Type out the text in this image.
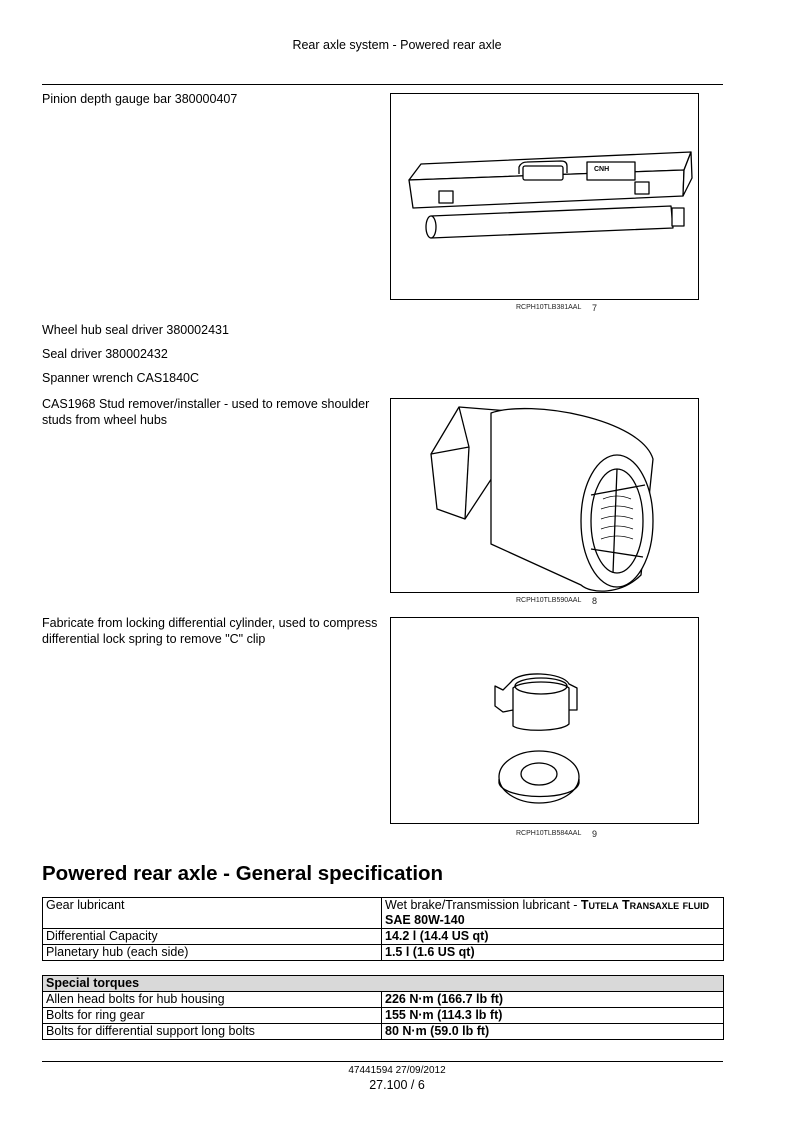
Rear axle system - Powered rear axle
Pinion depth gauge bar 380000407
Wheel hub seal driver 380002431
Seal driver 380002432
Spanner wrench CAS1840C
CAS1968 Stud remover/installer - used to remove shoulder studs from wheel hubs
Fabricate from locking differential cylinder, used to compress differential lock spring to remove "C" clip
CNH
RCPH10TLB381AAL 7
RCPH10TLB590AAL 8
RCPH10TLB584AAL 9
Powered rear axle - General specification
Gear lubricant	Wet brake/Transmission lubricant - Tutela Transaxle fluid SAE 80W-140
Differential Capacity	14.2 l (14.4 US qt)
Planetary hub (each side)	1.5 l (1.6 US qt)
Special torques	
Allen head bolts for hub housing	226 N·m (166.7 lb ft)
Bolts for ring gear	155 N·m (114.3 lb ft)
Bolts for differential support long bolts	80 N·m (59.0 lb ft)
47441594 27/09/2012
27.100 / 6
